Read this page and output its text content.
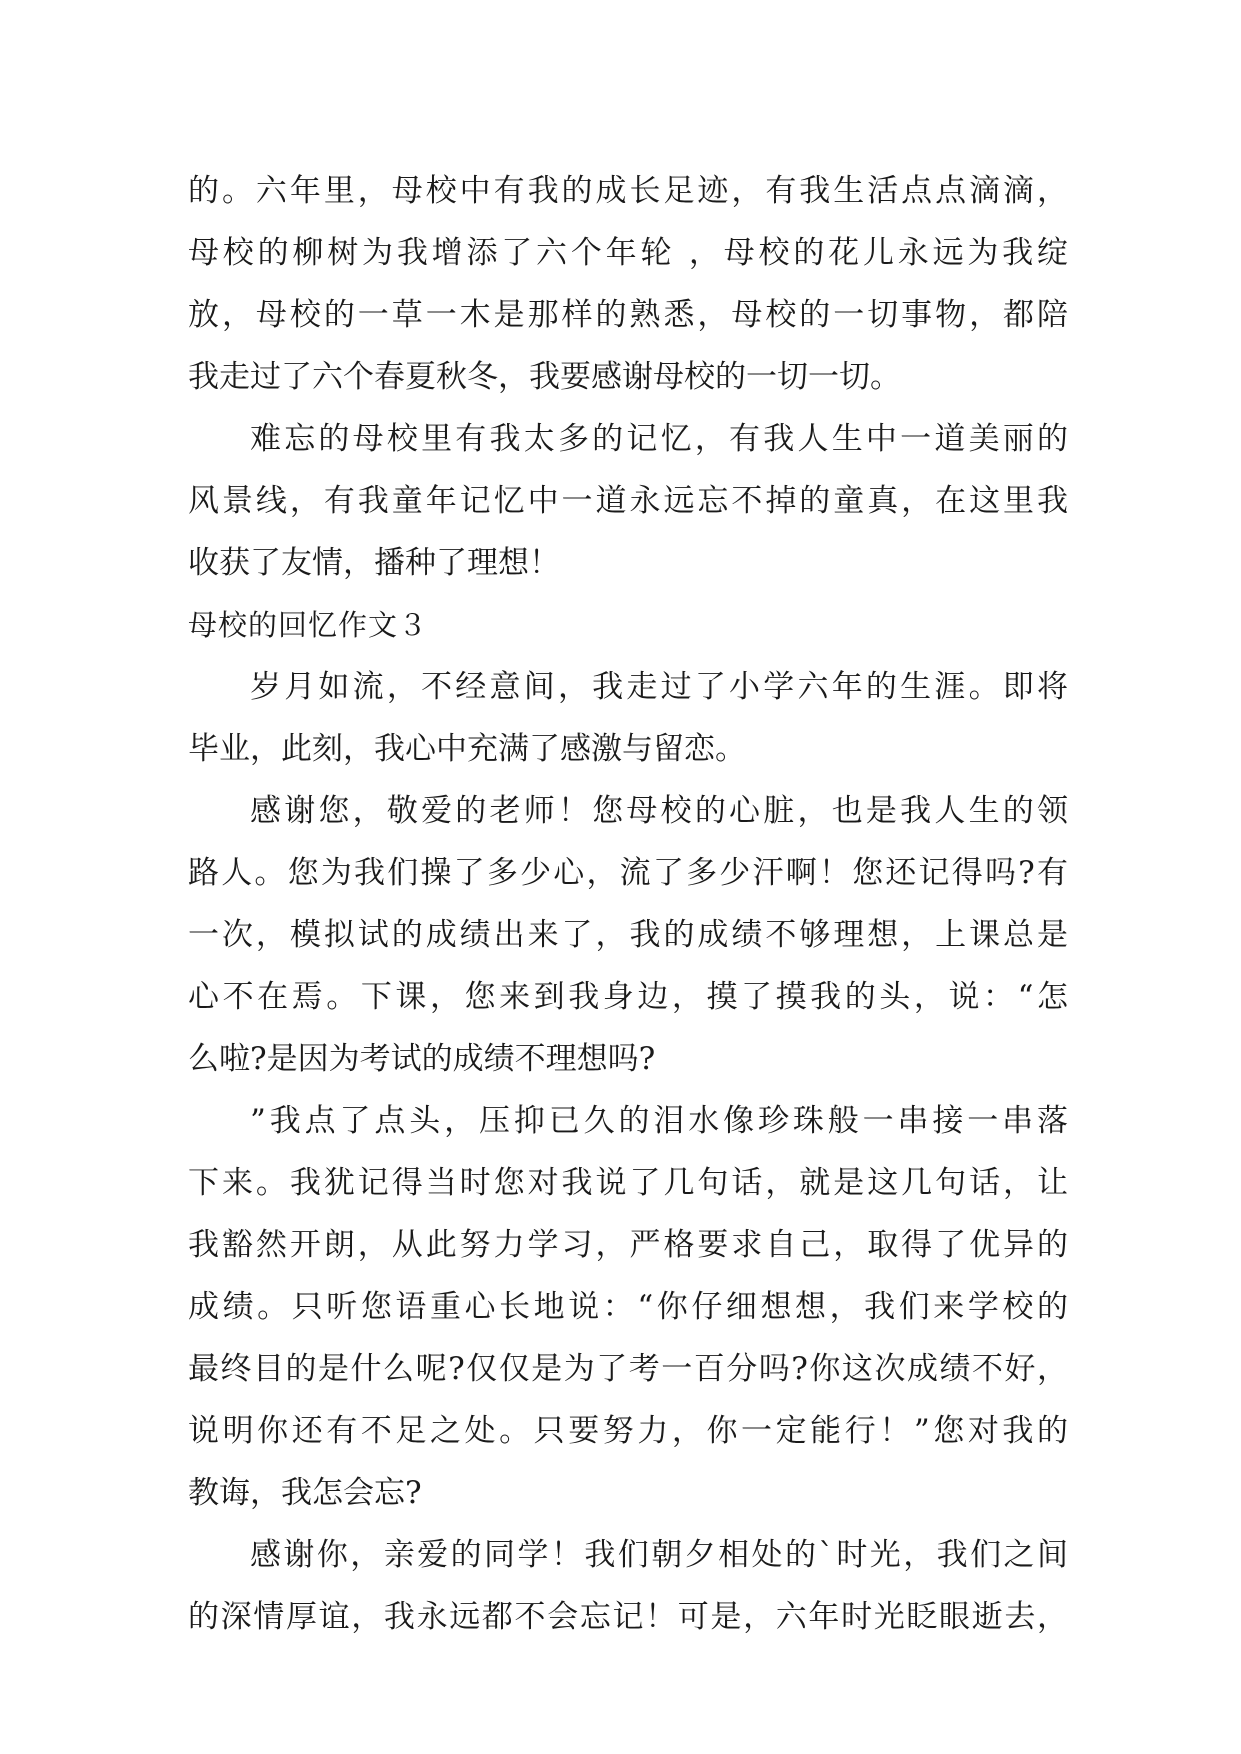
的。六年里，母校中有我的成长足迹，有我生活点点滴滴，
母校的柳树为我增添了六个年轮 ，母校的花儿永远为我绽
放，母校的一草一木是那样的熟悉，母校的一切事物，都陪
我走过了六个春夏秋冬，我要感谢母校的一切一切。
难忘的母校里有我太多的记忆，有我人生中一道美丽的
风景线，有我童年记忆中一道永远忘不掉的童真，在这里我
收获了友情，播种了理想！
母校的回忆作文３
岁月如流，不经意间，我走过了小学六年的生涯。即将
毕业，此刻，我心中充满了感激与留恋。
感谢您，敬爱的老师！您母校的心脏，也是我人生的领
路人。您为我们操了多少心，流了多少汗啊！您还记得吗?有
一次，模拟试的成绩出来了，我的成绩不够理想，上课总是
心不在焉。下课，您来到我身边，摸了摸我的头，说：“怎
么啦?是因为考试的成绩不理想吗?
”我点了点头，压抑已久的泪水像珍珠般一串接一串落
下来。我犹记得当时您对我说了几句话，就是这几句话，让
我豁然开朗，从此努力学习，严格要求自己，取得了优异的
成绩。只听您语重心长地说：“你仔细想想，我们来学校的
最终目的是什么呢?仅仅是为了考一百分吗?你这次成绩不好，
说明你还有不足之处。只要努力，你一定能行！”您对我的
教诲，我怎会忘?
感谢你，亲爱的同学！我们朝夕相处的`时光，我们之间
的深情厚谊，我永远都不会忘记！可是，六年时光眨眼逝去，
